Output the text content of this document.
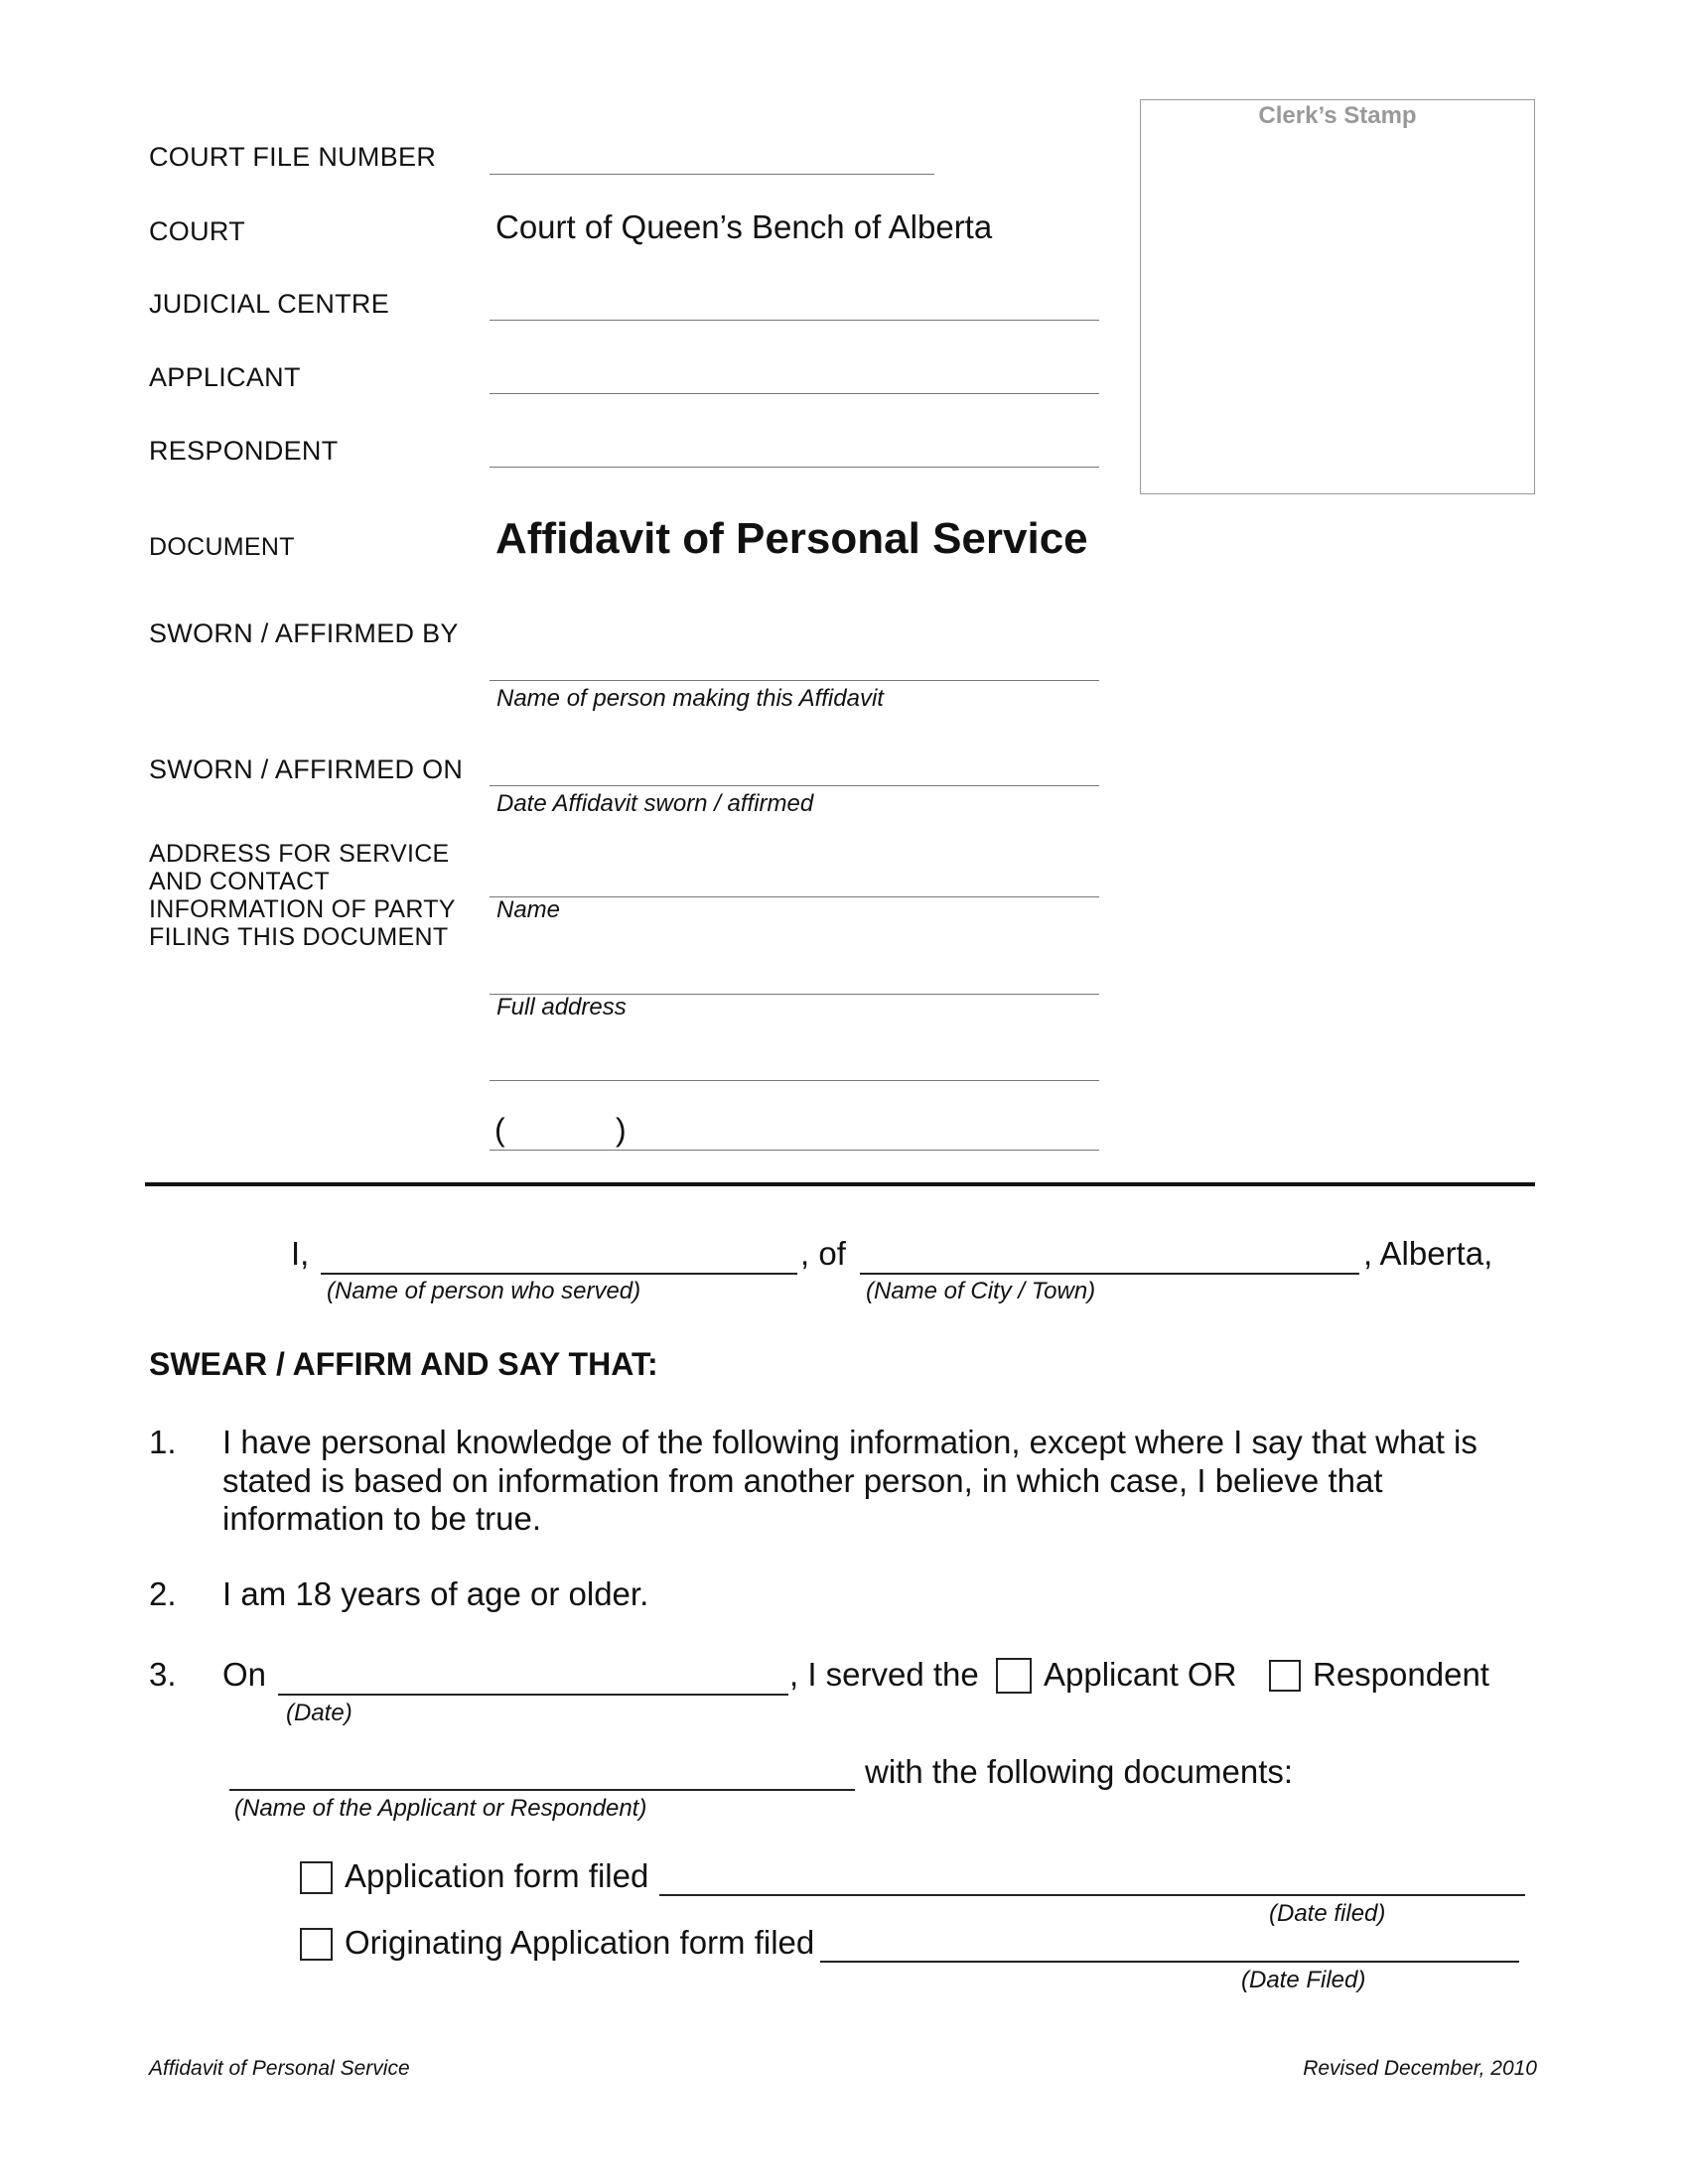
Clerk’s Stamp
COURT FILE NUMBER
COURT	Court of Queen’s Bench of Alberta
JUDICIAL CENTRE
APPLICANT
RESPONDENT
DOCUMENT	Affidavit of Personal Service
SWORN / AFFIRMED BY
Name of person making this Affidavit
SWORN / AFFIRMED ON
Date Affidavit sworn / affirmed
ADDRESS FOR SERVICE
AND CONTACT
INFORMATION OF PARTY
FILING THIS DOCUMENT
Name
Full address
(	)
I,	, of	, Alberta,
(Name of person who served)	(Name of City / Town)
SWEAR / AFFIRM AND SAY THAT:
1. I have personal knowledge of the following information, except where I say that what is
stated is based on information from another person, in which case, I believe that
information to be true.
2. I am 18 years of age or older.
3. On	, I served the Applicant OR Respondent
(Date)
with the following documents:
(Name of the Applicant or Respondent)
Application form filed
(Date filed)
Originating Application form filed
(Date Filed)
Affidavit of Personal Service	Revised December, 2010
